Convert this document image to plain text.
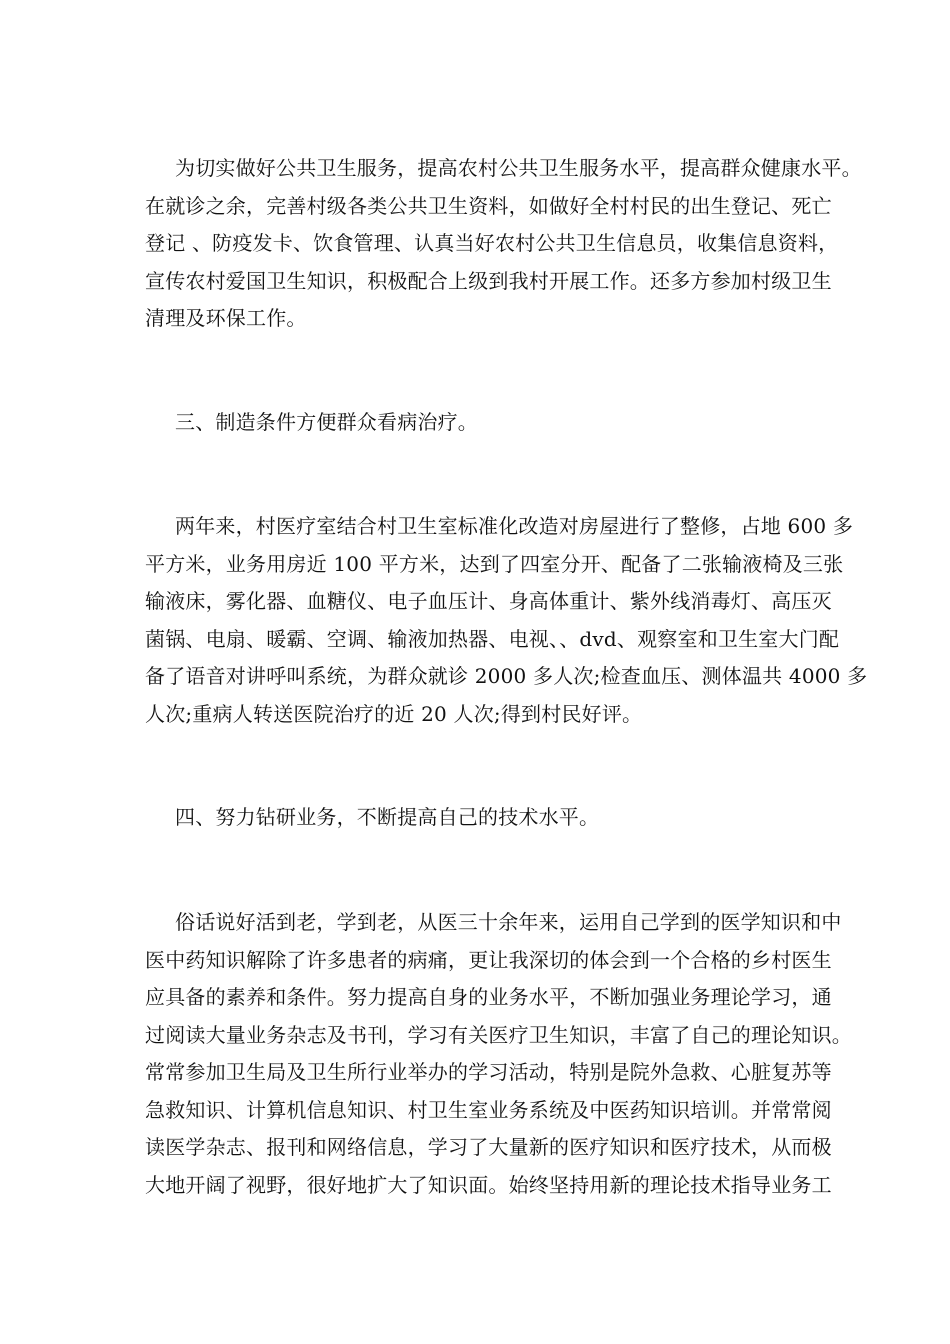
为切实做好公共卫生服务，提高农村公共卫生服务水平，提高群众健康水平。
在就诊之余，完善村级各类公共卫生资料，如做好全村村民的出生登记、死亡
登记 、防疫发卡、饮食管理、认真当好农村公共卫生信息员，收集信息资料，
宣传农村爱国卫生知识，积极配合上级到我村开展工作。还多方参加村级卫生
清理及环保工作。
三、制造条件方便群众看病治疗。
两年来，村医疗室结合村卫生室标准化改造对房屋进行了整修，占地 600 多
平方米，业务用房近 100 平方米，达到了四室分开、配备了二张输液椅及三张
输液床，雾化器、血糖仪、电子血压计、身高体重计、紫外线消毒灯、高压灭
菌锅、电扇、暖霸、空调、输液加热器、电视、、dvd、观察室和卫生室大门配
备了语音对讲呼叫系统，为群众就诊 2000 多人次;检查血压、测体温共 4000 多
人次;重病人转送医院治疗的近 20 人次;得到村民好评。
四、努力钻研业务，不断提高自己的技术水平。
俗话说好活到老，学到老，从医三十余年来，运用自己学到的医学知识和中
医中药知识解除了许多患者的病痛，更让我深切的体会到一个合格的乡村医生
应具备的素养和条件。努力提高自身的业务水平，不断加强业务理论学习，通
过阅读大量业务杂志及书刊，学习有关医疗卫生知识，丰富了自己的理论知识。
常常参加卫生局及卫生所行业举办的学习活动，特别是院外急救、心脏复苏等
急救知识、计算机信息知识、村卫生室业务系统及中医药知识培训。并常常阅
读医学杂志、报刊和网络信息，学习了大量新的医疗知识和医疗技术，从而极
大地开阔了视野，很好地扩大了知识面。始终坚持用新的理论技术指导业务工
